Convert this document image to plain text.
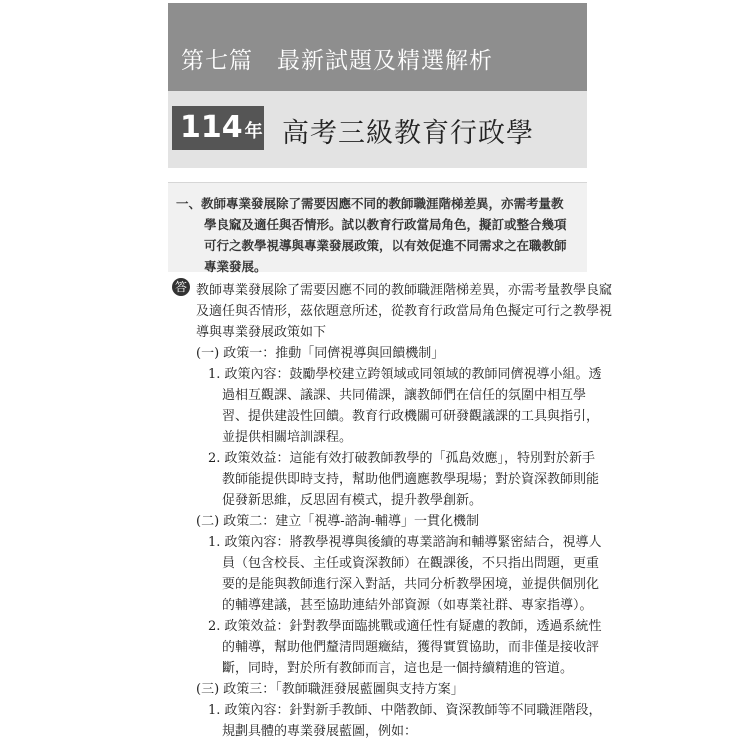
第七篇　最新試題及精選解析
114 年 高考三級教育行政學
一、教師專業發展除了需要因應不同的教師職涯階梯差異，亦需考量教
學良窳及適任與否情形。試以教育行政當局角色，擬訂或整合幾項
可行之教學視導與專業發展政策，以有效促進不同需求之在職教師
專業發展。
答 教師專業發展除了需要因應不同的教師職涯階梯差異，亦需考量教學良窳
及適任與否情形，茲依題意所述，從教育行政當局角色擬定可行之教學視
導與專業發展政策如下
(一) 政策一：推動「同儕視導與回饋機制」
1. 政策內容：鼓勵學校建立跨領域或同領域的教師同儕視導小組。透
過相互觀課、議課、共同備課，讓教師們在信任的氛圍中相互學
習、提供建設性回饋。教育行政機關可研發觀議課的工具與指引，
並提供相關培訓課程。
2. 政策效益：這能有效打破教師教學的「孤島效應」，特別對於新手
教師能提供即時支持，幫助他們適應教學現場；對於資深教師則能
促發新思維，反思固有模式，提升教學創新。
(二) 政策二：建立「視導-諮詢-輔導」一貫化機制
1. 政策內容：將教學視導與後續的專業諮詢和輔導緊密結合，視導人
員（包含校長、主任或資深教師）在觀課後，不只指出問題，更重
要的是能與教師進行深入對話，共同分析教學困境，並提供個別化
的輔導建議，甚至協助連結外部資源（如專業社群、專家指導）。
2. 政策效益：針對教學面臨挑戰或適任性有疑慮的教師，透過系統性
的輔導，幫助他們釐清問題癥結，獲得實質協助，而非僅是接收評
斷，同時，對於所有教師而言，這也是一個持續精進的管道。
(三) 政策三：「教師職涯發展藍圖與支持方案」
1. 政策內容：針對新手教師、中階教師、資深教師等不同職涯階段，
規劃具體的專業發展藍圖，例如：
